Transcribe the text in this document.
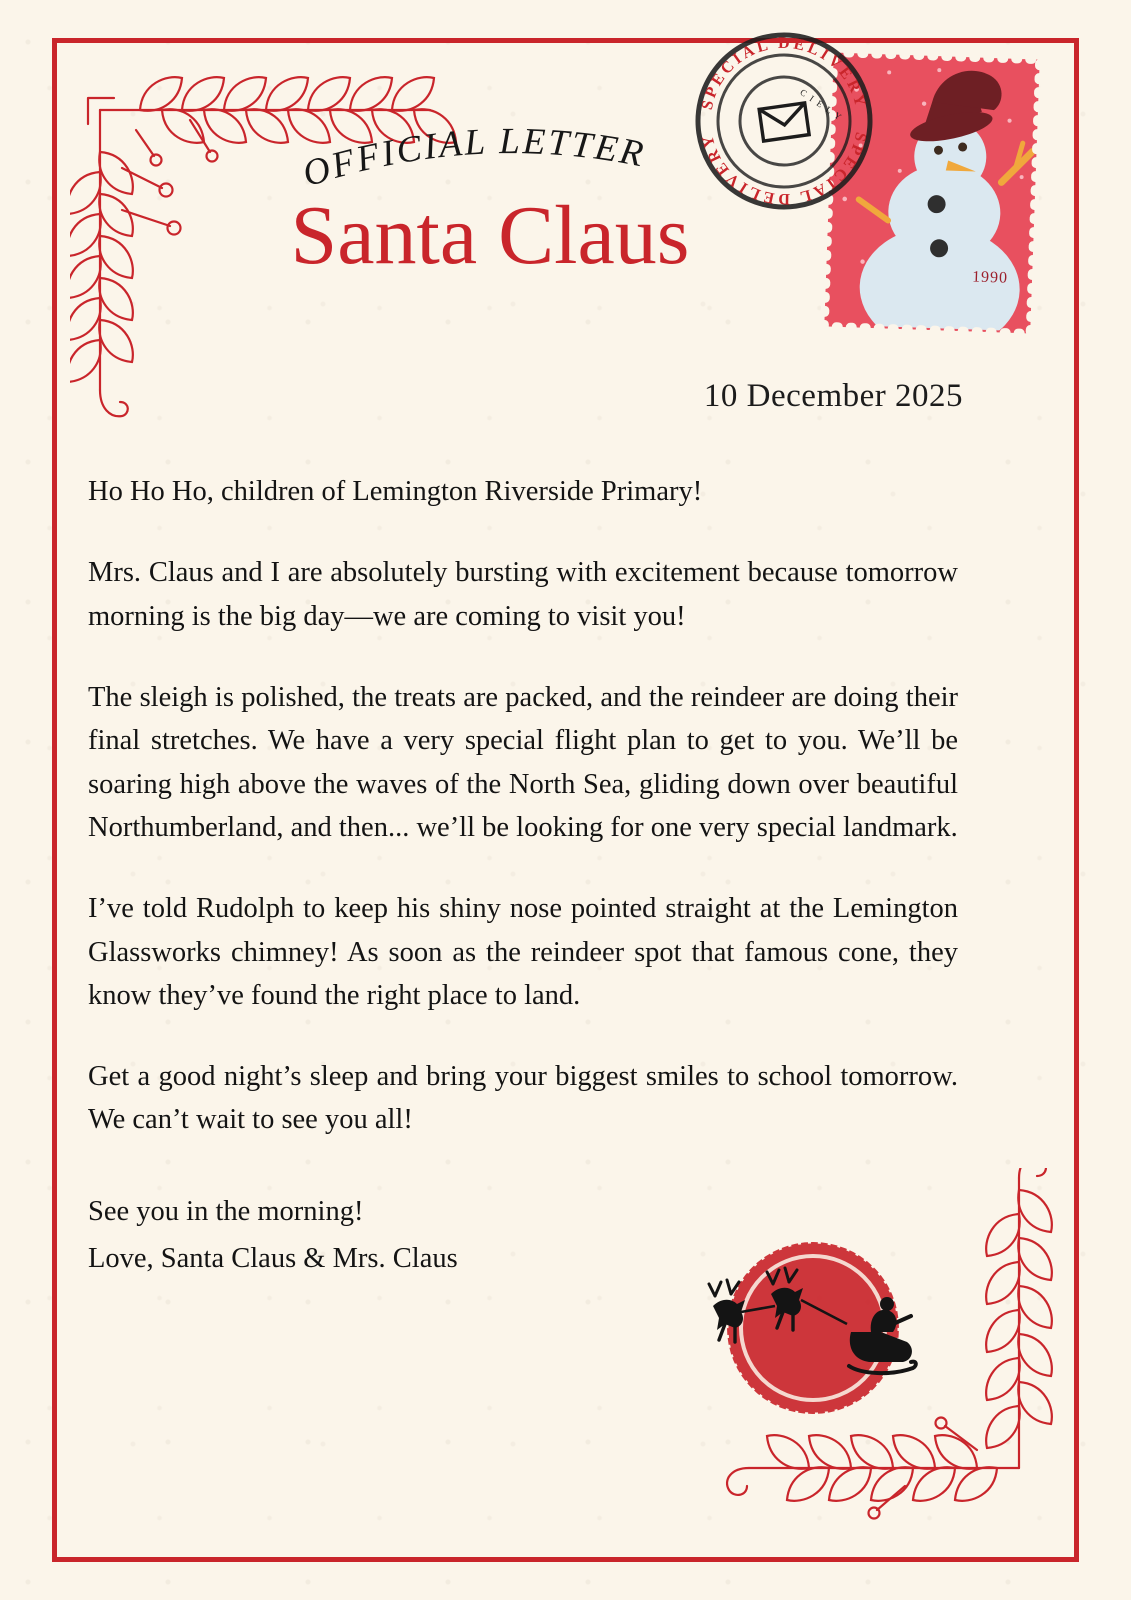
OFFICIAL LETTER
Santa Claus	1990
SPECIAL DELIVERY
SPECIAL DELIVERY
C I E L Y
10 December 2025

Ho Ho Ho, children of Lemington Riverside Primary!

Mrs. Claus and I are absolutely bursting with excitement because tomorrow morning is the big day—we are coming to visit you!

The sleigh is polished, the treats are packed, and the reindeer are doing their final stretches. We have a very special flight plan to get to you. We’ll be soaring high above the waves of the North Sea, gliding down over beautiful Northumberland, and then... we’ll be looking for one very special landmark.

I’ve told Rudolph to keep his shiny nose pointed straight at the Lemington Glassworks chimney! As soon as the reindeer spot that famous cone, they know they’ve found the right place to land.

Get a good night’s sleep and bring your biggest smiles to school tomorrow. We can’t wait to see you all!

See you in the morning!
Love, Santa Claus & Mrs. Claus
